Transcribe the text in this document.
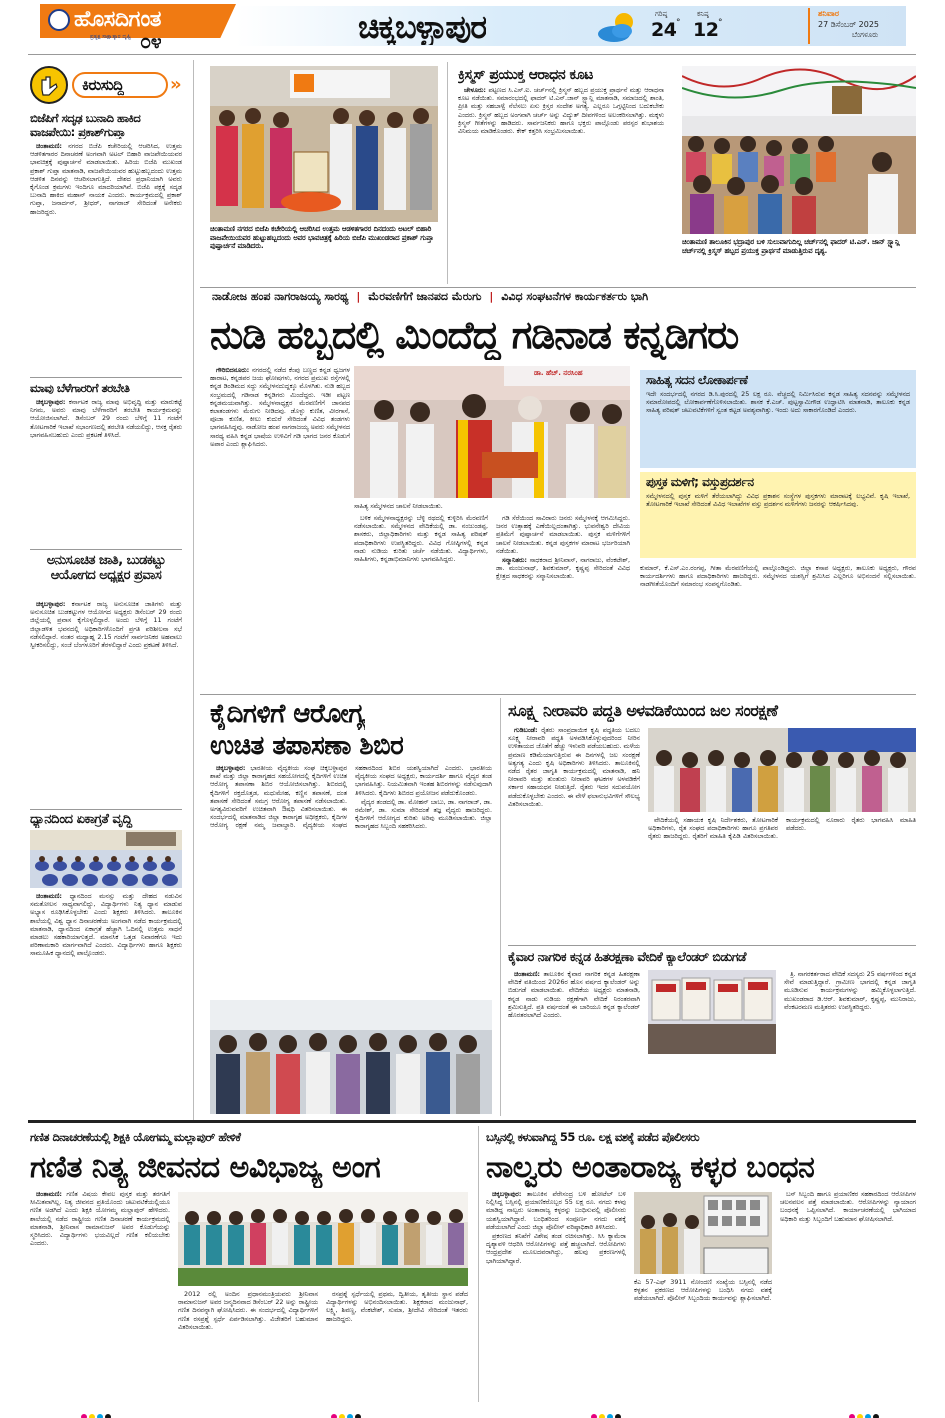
ಹೊಸದಿಗಂತ
ಪ್ರತ್ಯಕ್ಷ ಸಾಕ್ಷಾತ್ಕಾರ ದೃಷ್ಟಿ ೦೪	ಚಿಕ್ಕಬಳ್ಳಾಪುರ	ಗರಿಷ್ಠ
24 °
ಕನಿಷ್ಠ
12 °
ಶನಿವಾರ
27 ಡಿಸೆಂಬರ್ 2025
ಬೆಂಗಳೂರು
ಕಿರುಸುದ್ದಿ	»
ಬಿಜೆಪಿಗೆ ಸದೃಢ ಬುನಾದಿ ಹಾಕಿದ ವಾಜಪೇಯಿ: ಪ್ರಕಾಶ್‌ಗುಪ್ತಾ

ಚಿಂತಾಮಣಿ: ನಗರದ ಬಿಜೆಪಿ ಕಚೇರಿಯಲ್ಲಿ ಆಚರಿಸಿದ, ಉತ್ತಮ ಆಡಳಿತಗಾರರ ದಿನಾಚರಣೆ ಅಂಗವಾಗಿ ಅಟಲ್ ಬಿಹಾರಿ ವಾಜಪೇಯಿಯವರ ಭಾವಚಿತ್ರಕ್ಕೆ ಪುಷ್ಪಾರ್ಚನೆ ಮಾಡಲಾಯಿತು. ಹಿರಿಯ ಬಿಜೆಪಿ ಮುಖಂಡ ಪ್ರಕಾಶ್ ಗುಪ್ತಾ ಮಾತನಾಡಿ, ವಾಜಪೇಯಿಯವರ ಹುಟ್ಟುಹಬ್ಬದಂದು ಉತ್ತಮ ಆಡಳಿತ ದಿನವನ್ನು ಆಚರಿಸಲಾಗುತ್ತಿದೆ. ದೇಶದ ಪ್ರಧಾನಿಯಾಗಿ ಅವರು ಕೈಗೊಂಡ ಕ್ರಮಗಳು ಇಂದಿಗೂ ಮಾದರಿಯಾಗಿವೆ. ಬಿಜೆಪಿ ಪಕ್ಷಕ್ಕೆ ಸದೃಢ ಬುನಾದಿ ಹಾಕಿದ ಮಹಾನ್ ನಾಯಕ ಎಂದರು. ಕಾರ್ಯಕ್ರಮದಲ್ಲಿ ಪ್ರಕಾಶ್ ಗುಪ್ತಾ, ಜನಾರ್ದನ್, ಶ್ರೀಧರ್, ನಾಗರಾಜ್ ಸೇರಿದಂತೆ ಅನೇಕರು ಹಾಜರಿದ್ದರು.

ಮಾವು ಬೆಳೆಗಾರರಿಗೆ ತರಬೇತಿ

ಚಿಕ್ಕಬಳ್ಳಾಪುರ: ಕರ್ನಾಟಕ ರಾಜ್ಯ ಮಾವು ಅಭಿವೃದ್ಧಿ ಮತ್ತು ಮಾರುಕಟ್ಟೆ ನಿಗಮ, ಅವರು ಮಾವು ಬೆಳೆಗಾರರಿಗೆ ತರಬೇತಿ ಕಾರ್ಯಕ್ರಮವನ್ನು ಆಯೋಜಿಸಲಾಗಿದೆ. ಡಿಸೆಂಬರ್ 29 ರಂದು ಬೆಳಿಗ್ಗೆ 11 ಗಂಟೆಗೆ ತೋಟಗಾರಿಕೆ ಇಲಾಖೆ ಸಭಾಂಗಣದಲ್ಲಿ ತರಬೇತಿ ನಡೆಯಲಿದ್ದು, ಆಸಕ್ತ ರೈತರು ಭಾಗವಹಿಸಬಹುದು ಎಂದು ಪ್ರಕಟಣೆ ತಿಳಿಸಿದೆ.

ಅನುಸೂಚಿತ ಜಾತಿ, ಬುಡಕಟ್ಟು ಆಯೋಗದ ಅಧ್ಯಕ್ಷರ ಪ್ರವಾಸ

ಚಿಕ್ಕಬಳ್ಳಾಪುರ: ಕರ್ನಾಟಕ ರಾಜ್ಯ ಅನುಸೂಚಿತ ಜಾತಿಗಳು ಮತ್ತು ಅನುಸೂಚಿತ ಬುಡಕಟ್ಟುಗಳ ಆಯೋಗದ ಅಧ್ಯಕ್ಷರು ಡಿಸೆಂಬರ್ 29 ರಂದು ಜಿಲ್ಲೆಯಲ್ಲಿ ಪ್ರವಾಸ ಕೈಗೊಳ್ಳಲಿದ್ದಾರೆ. ಅಂದು ಬೆಳಿಗ್ಗೆ 11 ಗಂಟೆಗೆ ಜಿಲ್ಲಾಡಳಿತ ಭವನದಲ್ಲಿ ಅಧಿಕಾರಿಗಳೊಂದಿಗೆ ಪ್ರಗತಿ ಪರಿಶೀಲನಾ ಸಭೆ ನಡೆಸಲಿದ್ದಾರೆ. ನಂತರ ಮಧ್ಯಾಹ್ನ 2.15 ಗಂಟೆಗೆ ಸಾರ್ವಜನಿಕರ ಅಹವಾಲು ಸ್ವೀಕರಿಸಲಿದ್ದು, ಸಂಜೆ ಬೆಂಗಳೂರಿಗೆ ತೆರಳಲಿದ್ದಾರೆ ಎಂದು ಪ್ರಕಟಣೆ ತಿಳಿಸಿದೆ.

ಧ್ಯಾನದಿಂದ ಏಕಾಗ್ರತೆ ವೃದ್ಧಿ

ಚಿಂತಾಮಣಿ: ಧ್ಯಾನದಿಂದ ಮನಸ್ಸು ಮತ್ತು ದೇಹದ ನಡುವಿನ ಸಮತೋಲನ ಸಾಧ್ಯವಾಗಲಿದ್ದು, ವಿದ್ಯಾರ್ಥಿಗಳು ನಿತ್ಯ ಧ್ಯಾನ ಮಾಡುವ ಅಭ್ಯಾಸ ರೂಢಿಸಿಕೊಳ್ಳಬೇಕು ಎಂದು ಶಿಕ್ಷಕರು ತಿಳಿಸಿದರು. ತಾಲೂಕಿನ ಶಾಲೆಯಲ್ಲಿ ವಿಶ್ವ ಧ್ಯಾನ ದಿನಾಚರಣೆಯ ಅಂಗವಾಗಿ ನಡೆದ ಕಾರ್ಯಕ್ರಮದಲ್ಲಿ ಮಾತನಾಡಿ, ಧ್ಯಾನದಿಂದ ಏಕಾಗ್ರತೆ ಹೆಚ್ಚಾಗಿ ಓದಿನಲ್ಲಿ ಉತ್ತಮ ಸಾಧನೆ ಮಾಡಲು ಸಹಕಾರಿಯಾಗುತ್ತದೆ. ಮಾನಸಿಕ ಒತ್ತಡ ನಿವಾರಣೆಗೂ ಇದು ಪರಿಣಾಮಕಾರಿ ಮಾರ್ಗವಾಗಿದೆ ಎಂದರು. ವಿದ್ಯಾರ್ಥಿಗಳು ಹಾಗೂ ಶಿಕ್ಷಕರು ಸಾಮೂಹಿಕ ಧ್ಯಾನದಲ್ಲಿ ಪಾಲ್ಗೊಂಡರು.

ಚಿಂತಾಮಣಿ ನಗರದ ಬಿಜೆಪಿ ಕಚೇರಿಯಲ್ಲಿ ಆಚರಿಸಿದ ಉತ್ತಮ ಆಡಳಿತಗಾರರ ದಿನದಂದು ಅಟಲ್ ಬಿಹಾರಿ ವಾಜಪೇಯಿಯವರ ಹುಟ್ಟುಹಬ್ಬದಂದು ಅವರ ಭಾವಚಿತ್ರಕ್ಕೆ ಹಿರಿಯ ಬಿಜೆಪಿ ಮುಖಂಡರಾದ ಪ್ರಕಾಶ್ ಗುಪ್ತಾ ಪುಷ್ಪಾರ್ಚನೆ ಮಾಡಿದರು.
ಕ್ರಿಸ್ಮಸ್ ಪ್ರಯುಕ್ತ ಆರಾಧನ ಕೂಟ

ಚೇಳೂರು: ಪಟ್ಟಣದ ಸಿ.ಎಸ್.ಐ. ಚರ್ಚ್‌ನಲ್ಲಿ ಕ್ರಿಸ್ಮಸ್ ಹಬ್ಬದ ಪ್ರಯುಕ್ತ ಪ್ರಾರ್ಥನೆ ಮತ್ತು ಆರಾಧನಾ ಕೂಟ ನಡೆಯಿತು. ಸಮಾರಂಭದಲ್ಲಿ ಫಾದರ್ ಟಿ.ಎನ್.ಜಾನ್ ಸ್ಟ್ಯಾನ್ಲಿ ಮಾತನಾಡಿ, ಸಮಾಜದಲ್ಲಿ ಶಾಂತಿ, ಪ್ರೀತಿ ಮತ್ತು ಸಹಬಾಳ್ವೆ ನೆಲೆಸಲು ಏಸು ಕ್ರಿಸ್ತರ ಸಂದೇಶ ಅಗತ್ಯ. ಎಲ್ಲರೂ ಒಗ್ಗಟ್ಟಿನಿಂದ ಬದುಕಬೇಕು ಎಂದರು. ಕ್ರಿಸ್ಮಸ್ ಹಬ್ಬದ ಅಂಗವಾಗಿ ಚರ್ಚ್ ಅನ್ನು ವಿದ್ಯುತ್ ದೀಪಗಳಿಂದ ಅಲಂಕರಿಸಲಾಗಿತ್ತು. ಮಕ್ಕಳು ಕ್ರಿಸ್ಮಸ್ ಗೀತೆಗಳನ್ನು ಹಾಡಿದರು. ಸಾರ್ವಜನಿಕರು ಹಾಗೂ ಭಕ್ತರು ಪಾಲ್ಗೊಂಡು ಪರಸ್ಪರ ಶುಭಾಶಯ ವಿನಿಮಯ ಮಾಡಿಕೊಂಡರು. ಕೇಕ್ ಕತ್ತರಿಸಿ ಸಂಭ್ರಮಿಸಲಾಯಿತು.

ಚಿಂತಾಮಣಿ ತಾಲೂಕಿನ ಭದ್ರಾಪುರ ಬಳಿ ಸುಲುವಾಗುದಿಲ್ಲ ಚರ್ಚ್‌ನಲ್ಲಿ ಫಾದರ್ ಟಿ.ಎನ್. ಜಾನ್ ಸ್ಟ್ಯಾನ್ಲಿ ಚರ್ಚ್‌ನಲ್ಲಿ ಕ್ರಿಸ್ಮಸ್ ಹಬ್ಬದ ಪ್ರಯುಕ್ತ ಪ್ರಾರ್ಥನೆ ಮಾಡುತ್ತಿರುವ ದೃಶ್ಯ.
ನಾಡೋಜ ಹಂಪ ನಾಗರಾಜಯ್ಯ ಸಾರಥ್ಯ | ಮೆರವಣಿಗೆಗೆ ಜಾನಪದ ಮೆರುಗು | ವಿವಿಧ ಸಂಘಟನೆಗಳ ಕಾರ್ಯಕರ್ತರು ಭಾಗಿ
ನುಡಿ ಹಬ್ಬದಲ್ಲಿ ಮಿಂದೆದ್ದ ಗಡಿನಾಡ ಕನ್ನಡಿಗರು

ಗೌರಿಬಿದನೂರು: ನಗರದಲ್ಲಿ ನಡೆದ ಕೆಂಪು ಬಣ್ಣದ ಕನ್ನಡ ಧ್ವಜಗಳ ಹಾರಾಟ, ಕನ್ನಡಪರ ಜಯ ಘೋಷಗಳು, ನಗರದ ಪ್ರಮುಖ ರಸ್ತೆಗಳಲ್ಲಿ ಕನ್ನಡ ಡಿಂಡಿಮದ ಸದ್ದು ಸಮ್ಮೇಳನದುದ್ದಕ್ಕೂ ಮೊಳಗಿತು. ನುಡಿ ಹಬ್ಬದ ಸಂಭ್ರಮದಲ್ಲಿ ಗಡಿನಾಡ ಕನ್ನಡಿಗರು ಮಿಂದೆದ್ದರು. ಇಡೀ ಪಟ್ಟಣ ಕನ್ನಡಮಯವಾಗಿತ್ತು. ಸಮ್ಮೇಳನಾಧ್ಯಕ್ಷರ ಮೆರವಣಿಗೆಗೆ ಜಾನಪದ ಕಲಾತಂಡಗಳು ಮೆರುಗು ನೀಡಿದವು. ಡೊಳ್ಳು ಕುಣಿತ, ವೀರಗಾಸೆ, ಪೂಜಾ ಕುಣಿತ, ಕೀಲು ಕುದುರೆ ಸೇರಿದಂತೆ ವಿವಿಧ ತಂಡಗಳು ಭಾಗವಹಿಸಿದ್ದವು. ನಾಡೋಜ ಹಂಪ ನಾಗರಾಜಯ್ಯ ಅವರು ಸಮ್ಮೇಳನದ ಸಾರಥ್ಯ ವಹಿಸಿ ಕನ್ನಡ ಭಾಷೆಯ ಉಳಿವಿಗೆ ಗಡಿ ಭಾಗದ ಜನರ ಕೊಡುಗೆ ಅಪಾರ ಎಂದು ಶ್ಲಾಘಿಸಿದರು.

ಡಾ. ಹೆಚ್. ನರಸಿಂಹ
ಸಾಹಿತ್ಯ ಸಮ್ಮೇಳನದ ಚಾಲನೆ ನೀಡಲಾಯಿತು.

ಬಳಿಕ ಸಮ್ಮೇಳನಾಧ್ಯಕ್ಷರನ್ನು ಬೆಳ್ಳಿ ರಥದಲ್ಲಿ ಕುಳ್ಳಿರಿಸಿ ಮೆರವಣಿಗೆ ನಡೆಸಲಾಯಿತು. ಸಮ್ಮೇಳನದ ವೇದಿಕೆಯಲ್ಲಿ ಡಾ. ನಂಜುಂಡಪ್ಪ, ಶಾಸಕರು, ಜಿಲ್ಲಾಧಿಕಾರಿಗಳು ಮತ್ತು ಕನ್ನಡ ಸಾಹಿತ್ಯ ಪರಿಷತ್ ಪದಾಧಿಕಾರಿಗಳು ಉಪಸ್ಥಿತರಿದ್ದರು. ವಿವಿಧ ಗೋಷ್ಠಿಗಳಲ್ಲಿ ಕನ್ನಡ ನಾಡು ನುಡಿಯ ಕುರಿತು ಚರ್ಚೆ ನಡೆಯಿತು. ವಿದ್ಯಾರ್ಥಿಗಳು, ಸಾಹಿತಿಗಳು, ಕನ್ನಡಾಭಿಮಾನಿಗಳು ಭಾಗವಹಿಸಿದ್ದರು.

ಗಡಿ ಸೆರೆಯಿಂದ ಸಾವಿರಾರು ಜನರು ಸಮ್ಮೇಳನಕ್ಕೆ ಆಗಮಿಸಿದ್ದರು. ಜನರ ಉತ್ಸಾಹಕ್ಕೆ ಎಣೆಯಿಲ್ಲದಂತಾಗಿತ್ತು. ಭುವನೇಶ್ವರಿ ದೇವಿಯ ಪ್ರತಿಮೆಗೆ ಪುಷ್ಪಾರ್ಚನೆ ಮಾಡಲಾಯಿತು. ಪುಸ್ತಕ ಮಳಿಗೆಗಳಿಗೆ ಚಾಲನೆ ನೀಡಲಾಯಿತು. ಕನ್ನಡ ಪುಸ್ತಕಗಳ ಮಾರಾಟ ಭರ್ಜರಿಯಾಗಿ ನಡೆಯಿತು.

ಸನ್ಮಾನಿತರು: ಸಾಧಕರಾದ ಶ್ರೀನಿವಾಸ್, ನಾಗರಾಜು, ವೆಂಕಟೇಶ್, ಡಾ. ಮಂಜುನಾಥ್, ಶಿವಕುಮಾರ್, ಕೃಷ್ಣಪ್ಪ ಸೇರಿದಂತೆ ವಿವಿಧ ಕ್ಷೇತ್ರದ ಸಾಧಕರನ್ನು ಸನ್ಮಾನಿಸಲಾಯಿತು.

ಸಾಹಿತ್ಯ ಸದನ ಲೋಕಾರ್ಪಣೆ
ಇದೇ ಸಂದರ್ಭದಲ್ಲಿ ನಗರದ ಡಿ.ಸಿ.ಪುರದಲ್ಲಿ 25 ಲಕ್ಷ ರೂ. ವೆಚ್ಚದಲ್ಲಿ ನಿರ್ಮಿಸಿರುವ ಕನ್ನಡ ಸಾಹಿತ್ಯ ಸದನವನ್ನು ಸಮ್ಮೇಳನದ ಸಮಾರೋಪದಲ್ಲಿ ಲೋಕಾರ್ಪಣೆಗೊಳಿಸಲಾಯಿತು. ಶಾಸಕ ಕೆ.ಎಚ್. ಪುಟ್ಟಸ್ವಾಮಿಗೌಡ ಉದ್ಘಾಟಿಸಿ ಮಾತನಾಡಿ, ತಾಲೂಕು ಕನ್ನಡ ಸಾಹಿತ್ಯ ಪರಿಷತ್ ಚಟುವಟಿಕೆಗಳಿಗೆ ಸ್ವಂತ ಕಟ್ಟಡ ಅವಶ್ಯವಾಗಿತ್ತು. ಇಂದು ಅದು ಸಾಕಾರಗೊಂಡಿದೆ ಎಂದರು.
ಪುಸ್ತಕ ಮಳಿಗೆ; ವಸ್ತುಪ್ರದರ್ಶನ
ಸಮ್ಮೇಳನದಲ್ಲಿ ಪುಸ್ತಕ ಮಳಿಗೆ ತೆರೆಯಲಾಗಿದ್ದು ವಿವಿಧ ಪ್ರಕಾಶನ ಸಂಸ್ಥೆಗಳ ಪುಸ್ತಕಗಳು ಮಾರಾಟಕ್ಕೆ ಲಭ್ಯವಿವೆ. ಕೃಷಿ ಇಲಾಖೆ, ತೋಟಗಾರಿಕೆ ಇಲಾಖೆ ಸೇರಿದಂತೆ ವಿವಿಧ ಇಲಾಖೆಗಳ ವಸ್ತು ಪ್ರದರ್ಶನ ಮಳಿಗೆಗಳು ಜನರನ್ನು ಆಕರ್ಷಿಸಿದವು.
ಕುಮಾರ್, ಕೆ.ಎಸ್.ಎಂ.ರಂಗಪ್ಪ, ಗೀತಾ ಮೆರವಣಿಗೆಯಲ್ಲಿ ಪಾಲ್ಗೊಂಡಿದ್ದರು. ಜಿಲ್ಲಾ ಕಸಾಪ ಅಧ್ಯಕ್ಷರು, ತಾಲೂಕು ಅಧ್ಯಕ್ಷರು, ಗೌರವ ಕಾರ್ಯದರ್ಶಿಗಳು ಹಾಗೂ ಪದಾಧಿಕಾರಿಗಳು ಹಾಜರಿದ್ದರು. ಸಮ್ಮೇಳನದ ಯಶಸ್ಸಿಗೆ ಶ್ರಮಿಸಿದ ಎಲ್ಲರಿಗೂ ಅಭಿನಂದನೆ ಸಲ್ಲಿಸಲಾಯಿತು. ನಾಡಗೀತೆಯೊಂದಿಗೆ ಸಮಾರಂಭ ಸಂಪನ್ನಗೊಂಡಿತು.
ಕೈದಿಗಳಿಗೆ ಆರೋಗ್ಯ
ಉಚಿತ ತಪಾಸಣಾ ಶಿಬಿರ

ಚಿಕ್ಕಬಳ್ಳಾಪುರ: ಭಾರತೀಯ ವೈದ್ಯಕೀಯ ಸಂಘ ಚಿಕ್ಕಬಳ್ಳಾಪುರ ಶಾಖೆ ಮತ್ತು ಜಿಲ್ಲಾ ಕಾರಾಗೃಹದ ಸಹಯೋಗದಲ್ಲಿ ಕೈದಿಗಳಿಗೆ ಉಚಿತ ಆರೋಗ್ಯ ತಪಾಸಣಾ ಶಿಬಿರ ಆಯೋಜಿಸಲಾಗಿತ್ತು. ಶಿಬಿರದಲ್ಲಿ ಕೈದಿಗಳಿಗೆ ರಕ್ತದೊತ್ತಡ, ಮಧುಮೇಹ, ಕಣ್ಣಿನ ತಪಾಸಣೆ, ದಂತ ತಪಾಸಣೆ ಸೇರಿದಂತೆ ಸಮಗ್ರ ಆರೋಗ್ಯ ತಪಾಸಣೆ ನಡೆಸಲಾಯಿತು. ಅಗತ್ಯವಿರುವವರಿಗೆ ಉಚಿತವಾಗಿ ಔಷಧಿ ವಿತರಿಸಲಾಯಿತು. ಈ ಸಂದರ್ಭದಲ್ಲಿ ಮಾತನಾಡಿದ ಜಿಲ್ಲಾ ಕಾರಾಗೃಹ ಅಧೀಕ್ಷಕರು, ಕೈದಿಗಳ ಆರೋಗ್ಯ ರಕ್ಷಣೆ ನಮ್ಮ ಜವಾಬ್ದಾರಿ. ವೈದ್ಯಕೀಯ ಸಂಘದ ಸಹಕಾರದಿಂದ ಶಿಬಿರ ಯಶಸ್ವಿಯಾಗಿದೆ ಎಂದರು. ಭಾರತೀಯ ವೈದ್ಯಕೀಯ ಸಂಘದ ಅಧ್ಯಕ್ಷರು, ಕಾರ್ಯದರ್ಶಿ ಹಾಗೂ ವೈದ್ಯರ ತಂಡ ಭಾಗವಹಿಸಿತ್ತು. ನಿಯಮಿತವಾಗಿ ಇಂತಹ ಶಿಬಿರಗಳನ್ನು ನಡೆಸುವುದಾಗಿ ತಿಳಿಸಿದರು. ಕೈದಿಗಳು ಶಿಬಿರದ ಪ್ರಯೋಜನ ಪಡೆದುಕೊಂಡರು.

ವೈದ್ಯರ ತಂಡದಲ್ಲಿ ಡಾ. ಮೋಹನ್ ಬಾಬು, ಡಾ. ನಾಗರಾಜ್, ಡಾ. ರಮೇಶ್, ಡಾ. ಸುಮಾ ಸೇರಿದಂತೆ ತಜ್ಞ ವೈದ್ಯರು ಹಾಜರಿದ್ದರು. ಕೈದಿಗಳಿಗೆ ಆರೋಗ್ಯದ ಕುರಿತು ಅರಿವು ಮೂಡಿಸಲಾಯಿತು. ಜಿಲ್ಲಾ ಕಾರಾಗೃಹದ ಸಿಬ್ಬಂದಿ ಸಹಕರಿಸಿದರು.

ಸೂಕ್ಷ್ಮ ನೀರಾವರಿ ಪದ್ಧತಿ ಅಳವಡಿಕೆಯಿಂದ ಜಲ ಸಂರಕ್ಷಣೆ

ಗುಡಿಬಂಡೆ: ರೈತರು ಸಾಂಪ್ರದಾಯಿಕ ಕೃಷಿ ಪದ್ಧತಿಯ ಬದಲು ಸೂಕ್ಷ್ಮ ನೀರಾವರಿ ಪದ್ಧತಿ ಅಳವಡಿಸಿಕೊಳ್ಳುವುದರಿಂದ ನೀರಿನ ಉಳಿತಾಯದ ಜೊತೆಗೆ ಹೆಚ್ಚು ಇಳುವರಿ ಪಡೆಯಬಹುದು. ಮಳೆಯ ಪ್ರಮಾಣ ಕಡಿಮೆಯಾಗುತ್ತಿರುವ ಈ ದಿನಗಳಲ್ಲಿ ಜಲ ಸಂರಕ್ಷಣೆ ಅತ್ಯಗತ್ಯ ಎಂದು ಕೃಷಿ ಅಧಿಕಾರಿಗಳು ತಿಳಿಸಿದರು. ತಾಲೂಕಿನಲ್ಲಿ ನಡೆದ ರೈತರ ಜಾಗೃತಿ ಕಾರ್ಯಕ್ರಮದಲ್ಲಿ ಮಾತನಾಡಿ, ಹನಿ ನೀರಾವರಿ ಮತ್ತು ತುಂತುರು ನೀರಾವರಿ ಘಟಕಗಳ ಅಳವಡಿಕೆಗೆ ಸರ್ಕಾರ ಸಹಾಯಧನ ನೀಡುತ್ತಿದೆ. ರೈತರು ಇದರ ಸದುಪಯೋಗ ಪಡೆದುಕೊಳ್ಳಬೇಕು ಎಂದರು. ಈ ವೇಳೆ ಫಲಾನುಭವಿಗಳಿಗೆ ಸೌಲಭ್ಯ ವಿತರಿಸಲಾಯಿತು.

ವೇದಿಕೆಯಲ್ಲಿ ಸಹಾಯಕ ಕೃಷಿ ನಿರ್ದೇಶಕರು, ತೋಟಗಾರಿಕೆ ಅಧಿಕಾರಿಗಳು, ರೈತ ಸಂಘದ ಪದಾಧಿಕಾರಿಗಳು ಹಾಗೂ ಪ್ರಗತಿಪರ ರೈತರು ಹಾಜರಿದ್ದರು. ರೈತರಿಗೆ ಮಾಹಿತಿ ಕೈಪಿಡಿ ವಿತರಿಸಲಾಯಿತು. ಕಾರ್ಯಕ್ರಮದಲ್ಲಿ ನೂರಾರು ರೈತರು ಭಾಗವಹಿಸಿ ಮಾಹಿತಿ ಪಡೆದರು.

ಕೈವಾರ ನಾಗರಿಕ ಕನ್ನಡ ಹಿತರಕ್ಷಣಾ ವೇದಿಕೆ ಕ್ಯಾಲೆಂಡರ್ ಬಿಡುಗಡೆ

ಚಿಂತಾಮಣಿ: ತಾಲೂಕಿನ ಕೈವಾರ ನಾಗರಿಕ ಕನ್ನಡ ಹಿತರಕ್ಷಣಾ ವೇದಿಕೆ ವತಿಯಿಂದ 2026ರ ಹೊಸ ವರ್ಷದ ಕ್ಯಾಲೆಂಡರ್ ಅನ್ನು ಬಿಡುಗಡೆ ಮಾಡಲಾಯಿತು. ವೇದಿಕೆಯ ಅಧ್ಯಕ್ಷರು ಮಾತನಾಡಿ, ಕನ್ನಡ ನಾಡು ನುಡಿಯ ರಕ್ಷಣೆಗಾಗಿ ವೇದಿಕೆ ನಿರಂತರವಾಗಿ ಶ್ರಮಿಸುತ್ತಿದೆ. ಪ್ರತಿ ವರ್ಷದಂತೆ ಈ ಬಾರಿಯೂ ಕನ್ನಡ ಕ್ಯಾಲೆಂಡರ್ ಹೊರತರಲಾಗಿದೆ ಎಂದರು.

ತ್ರಿ. ನಾಗರಕರ್ತರಾದ ವೇದಿಕೆ ಸದಸ್ಯರು 25 ವರ್ಷಗಳಿಂದ ಕನ್ನಡ ಸೇವೆ ಮಾಡುತ್ತಿದ್ದಾರೆ. ಗ್ರಾಮೀಣ ಭಾಗದಲ್ಲಿ ಕನ್ನಡ ಜಾಗೃತಿ ಮೂಡಿಸುವ ಕಾರ್ಯಕ್ರಮಗಳನ್ನು ಹಮ್ಮಿಕೊಳ್ಳಲಾಗುತ್ತಿದೆ. ಮುಖಂಡರಾದ ಡಿ.ಆರ್. ಶಿವಕುಮಾರ್, ಕೃಷ್ಣಪ್ಪ, ಮುನಿರಾಜು, ವೆಂಕಟರಮಣ ಮತ್ತಿತರರು ಉಪಸ್ಥಿತರಿದ್ದರು.

ಗಣಿತ ದಿನಾಚರಣೆಯಲ್ಲಿ ಶಿಕ್ಷಕಿ ಯೋಗಮ್ಮ ಮಲ್ಲಾಪುರ್ ಹೇಳಿಕೆ
ಗಣಿತ ನಿತ್ಯ ಜೀವನದ ಅವಿಭಾಜ್ಯ ಅಂಗ

ಚಿಂತಾಮಣಿ: ಗಣಿತ ವಿಷಯ ಕೇವಲ ಪುಸ್ತಕ ಮತ್ತು ತರಗತಿಗೆ ಸೀಮಿತವಾಗಿಲ್ಲ. ನಿತ್ಯ ಜೀವನದ ಪ್ರತಿಯೊಂದು ಚಟುವಟಿಕೆಯಲ್ಲಿಯೂ ಗಣಿತ ಅಡಗಿದೆ ಎಂದು ಶಿಕ್ಷಕಿ ಯೋಗಮ್ಮ ಮಲ್ಲಾಪುರ್ ಹೇಳಿದರು. ಶಾಲೆಯಲ್ಲಿ ನಡೆದ ರಾಷ್ಟ್ರೀಯ ಗಣಿತ ದಿನಾಚರಣೆ ಕಾರ್ಯಕ್ರಮದಲ್ಲಿ ಮಾತನಾಡಿ, ಶ್ರೀನಿವಾಸ ರಾಮಾನುಜನ್ ಅವರ ಕೊಡುಗೆಯನ್ನು ಸ್ಮರಿಸಿದರು. ವಿದ್ಯಾರ್ಥಿಗಳು ಭಯವಿಲ್ಲದೆ ಗಣಿತ ಕಲಿಯಬೇಕು ಎಂದರು.

2012 ರಲ್ಲಿ ಅಂದಿನ ಪ್ರಧಾನಮಂತ್ರಿಯವರು ಶ್ರೀನಿವಾಸ ರಾಮಾನುಜನ್ ಅವರ ಜನ್ಮದಿನವಾದ ಡಿಸೆಂಬರ್ 22 ಅನ್ನು ರಾಷ್ಟ್ರೀಯ ಗಣಿತ ದಿನವನ್ನಾಗಿ ಘೋಷಿಸಿದರು. ಈ ಸಂದರ್ಭದಲ್ಲಿ ವಿದ್ಯಾರ್ಥಿಗಳಿಗೆ ಗಣಿತ ರಸಪ್ರಶ್ನೆ ಸ್ಪರ್ಧೆ ಏರ್ಪಡಿಸಲಾಗಿತ್ತು. ವಿಜೇತರಿಗೆ ಬಹುಮಾನ ವಿತರಿಸಲಾಯಿತು.

ರಸಪ್ರಶ್ನೆ ಸ್ಪರ್ಧೆಯಲ್ಲಿ ಪ್ರಥಮ, ದ್ವಿತೀಯ, ತೃತೀಯ ಸ್ಥಾನ ಪಡೆದ ವಿದ್ಯಾರ್ಥಿಗಳನ್ನು ಅಭಿನಂದಿಸಲಾಯಿತು. ಶಿಕ್ಷಕರಾದ ಮಂಜುನಾಥ್, ಲಕ್ಷ್ಮಿ, ಶಿವಣ್ಣ, ವೆಂಕಟೇಶ್, ಸುಮಾ, ಶ್ರೀದೇವಿ ಸೇರಿದಂತೆ ಇತರರು ಹಾಜರಿದ್ದರು.

ಬಸ್ಸಿನಲ್ಲಿ ಕಳುವಾಗಿದ್ದ 55 ರೂ. ಲಕ್ಷ ವಶಕ್ಕೆ ಪಡೆದ ಪೊಲೀಸರು
ನಾಲ್ವರು ಅಂತಾರಾಜ್ಯ ಕಳ್ಳರ ಬಂಧನ

ಚಿಕ್ಕಬಳ್ಳಾಪುರ: ತಾಲೂಕಿನ ಪೆರೇಸಂದ್ರ ಬಳಿ ಹೋಟೆಲ್ ಬಳಿ ನಿಲ್ಲಿಸಿದ್ದ ಬಸ್ಸಿನಲ್ಲಿ ಪ್ರಯಾಣಿಕರೊಬ್ಬರ 55 ಲಕ್ಷ ರೂ. ನಗದು ಕಳವು ಮಾಡಿದ್ದ ನಾಲ್ವರು ಅಂತಾರಾಜ್ಯ ಕಳ್ಳರನ್ನು ಬಂಧಿಸುವಲ್ಲಿ ಪೊಲೀಸರು ಯಶಸ್ವಿಯಾಗಿದ್ದಾರೆ. ಬಂಧಿತರಿಂದ ಸಂಪೂರ್ಣ ನಗದು ವಶಕ್ಕೆ ಪಡೆಯಲಾಗಿದೆ ಎಂದು ಜಿಲ್ಲಾ ಪೊಲೀಸ್ ವರಿಷ್ಠಾಧಿಕಾರಿ ತಿಳಿಸಿದರು.

ಪ್ರಕರಣದ ತನಿಖೆಗೆ ವಿಶೇಷ ತಂಡ ರಚಿಸಲಾಗಿತ್ತು. ಸಿಸಿ ಕ್ಯಾಮೆರಾ ದೃಶ್ಯಾವಳಿ ಆಧರಿಸಿ ಆರೋಪಿಗಳನ್ನು ಪತ್ತೆ ಹಚ್ಚಲಾಗಿದೆ. ಆರೋಪಿಗಳು ಆಂಧ್ರಪ್ರದೇಶ ಮೂಲದವರಾಗಿದ್ದು, ಹಲವು ಪ್ರಕರಣಗಳಲ್ಲಿ ಭಾಗಿಯಾಗಿದ್ದಾರೆ.

ಕೆಎ 57-ಎಫ್ 3911 ನೋಂದಣಿ ಸಂಖ್ಯೆಯ ಬಸ್ಸಿನಲ್ಲಿ ನಡೆದ ಕಳ್ಳತನ ಪ್ರಕರಣದ ಆರೋಪಿಗಳನ್ನು ಬಂಧಿಸಿ ನಗದು ವಶಕ್ಕೆ ಪಡೆಯಲಾಗಿದೆ. ಪೊಲೀಸ್ ಸಿಬ್ಬಂದಿಯ ಕಾರ್ಯವನ್ನು ಶ್ಲಾಘಿಸಲಾಗಿದೆ.

ಬಸ್ ಸಿಬ್ಬಂದಿ ಹಾಗೂ ಪ್ರಯಾಣಿಕರ ಸಹಕಾರದಿಂದ ಆರೋಪಿಗಳ ಚಲನವಲನ ಪತ್ತೆ ಮಾಡಲಾಯಿತು. ಆರೋಪಿಗಳನ್ನು ನ್ಯಾಯಾಂಗ ಬಂಧನಕ್ಕೆ ಒಪ್ಪಿಸಲಾಗಿದೆ. ಕಾರ್ಯಾಚರಣೆಯಲ್ಲಿ ಭಾಗಿಯಾದ ಅಧಿಕಾರಿ ಮತ್ತು ಸಿಬ್ಬಂದಿಗೆ ಬಹುಮಾನ ಘೋಷಿಸಲಾಗಿದೆ.
